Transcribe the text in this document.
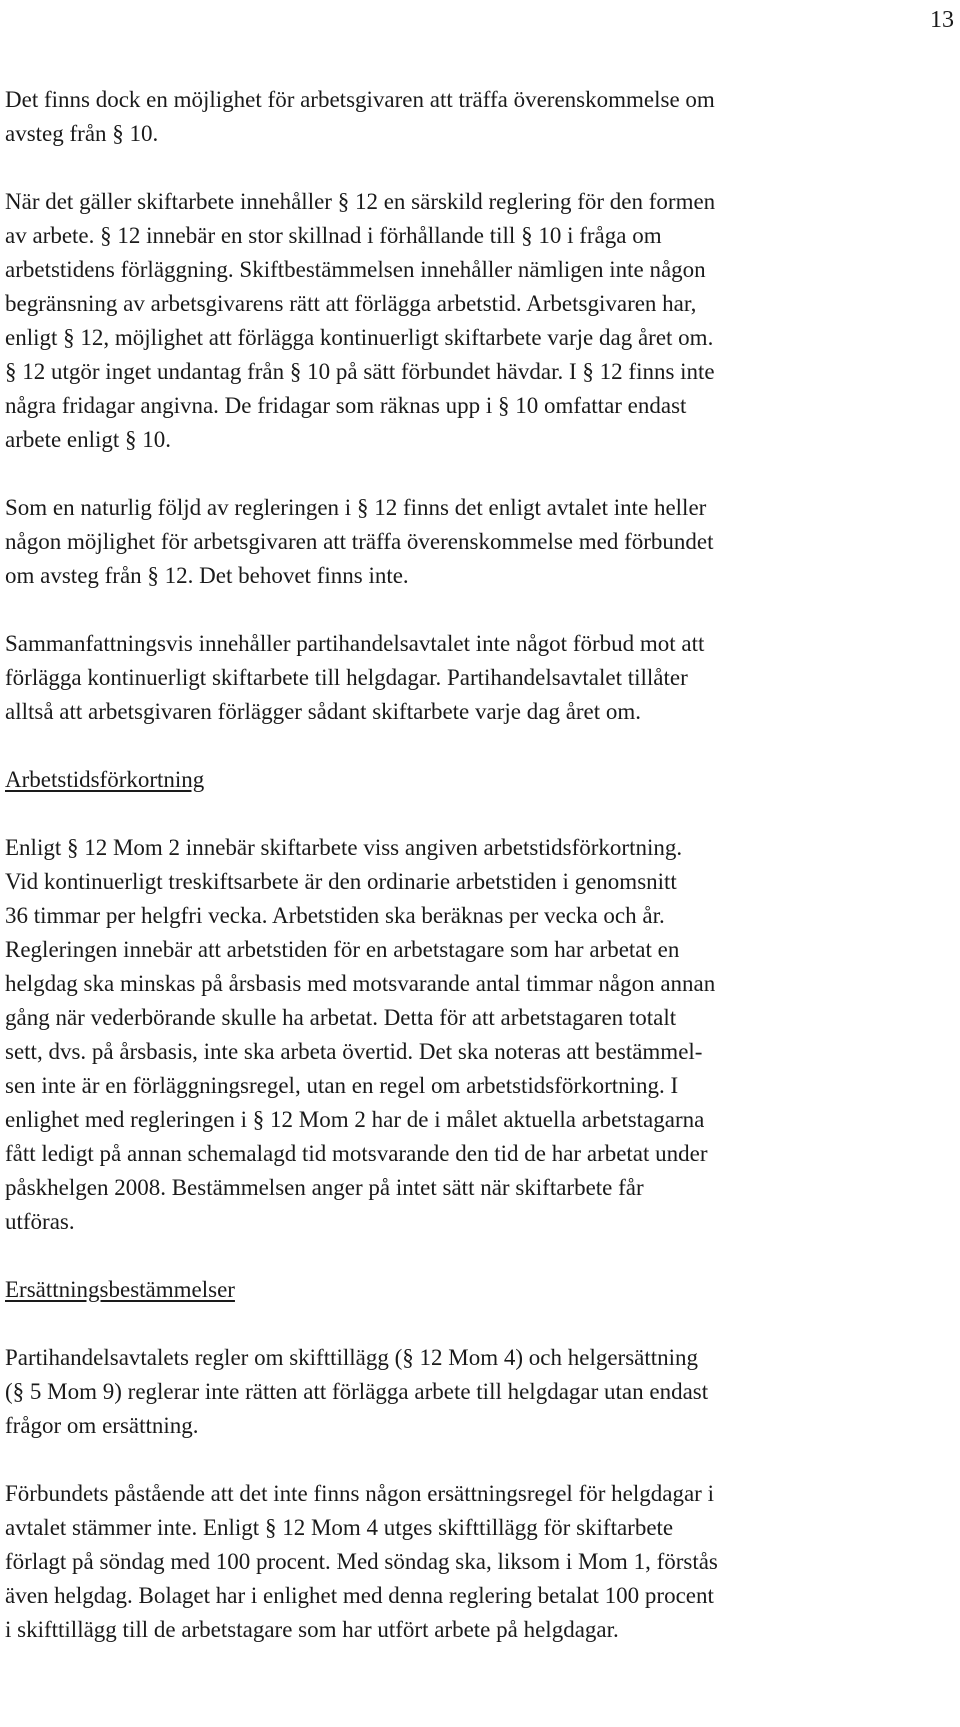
13

Det finns dock en möjlighet för arbetsgivaren att träffa överenskommelse om
avsteg från § 10.

När det gäller skiftarbete innehåller § 12 en särskild reglering för den formen
av arbete. § 12 innebär en stor skillnad i förhållande till § 10 i fråga om
arbetstidens förläggning. Skiftbestämmelsen innehåller nämligen inte någon
begränsning av arbetsgivarens rätt att förlägga arbetstid. Arbetsgivaren har,
enligt § 12, möjlighet att förlägga kontinuerligt skiftarbete varje dag året om.
§ 12 utgör inget undantag från § 10 på sätt förbundet hävdar. I § 12 finns inte
några fridagar angivna. De fridagar som räknas upp i § 10 omfattar endast
arbete enligt § 10.

Som en naturlig följd av regleringen i § 12 finns det enligt avtalet inte heller
någon möjlighet för arbetsgivaren att träffa överenskommelse med förbundet
om avsteg från § 12. Det behovet finns inte.

Sammanfattningsvis innehåller partihandelsavtalet inte något förbud mot att
förlägga kontinuerligt skiftarbete till helgdagar. Partihandelsavtalet tillåter
alltså att arbetsgivaren förlägger sådant skiftarbete varje dag året om.

Arbetstidsförkortning

Enligt § 12 Mom 2 innebär skiftarbete viss angiven arbetstidsförkortning.
Vid kontinuerligt treskiftsarbete är den ordinarie arbetstiden i genomsnitt
36 timmar per helgfri vecka. Arbetstiden ska beräknas per vecka och år.
Regleringen innebär att arbetstiden för en arbetstagare som har arbetat en
helgdag ska minskas på årsbasis med motsvarande antal timmar någon annan
gång när vederbörande skulle ha arbetat. Detta för att arbetstagaren totalt
sett, dvs. på årsbasis, inte ska arbeta övertid. Det ska noteras att bestämmel-
sen inte är en förläggningsregel, utan en regel om arbetstidsförkortning. I
enlighet med regleringen i § 12 Mom 2 har de i målet aktuella arbetstagarna
fått ledigt på annan schemalagd tid motsvarande den tid de har arbetat under
påskhelgen 2008. Bestämmelsen anger på intet sätt när skiftarbete får
utföras.

Ersättningsbestämmelser

Partihandelsavtalets regler om skifttillägg (§ 12 Mom 4) och helgersättning
(§ 5 Mom 9) reglerar inte rätten att förlägga arbete till helgdagar utan endast
frågor om ersättning.

Förbundets påstående att det inte finns någon ersättningsregel för helgdagar i
avtalet stämmer inte. Enligt § 12 Mom 4 utges skifttillägg för skiftarbete
förlagt på söndag med 100 procent. Med söndag ska, liksom i Mom 1, förstås
även helgdag. Bolaget har i enlighet med denna reglering betalat 100 procent
i skifttillägg till de arbetstagare som har utfört arbete på helgdagar.
